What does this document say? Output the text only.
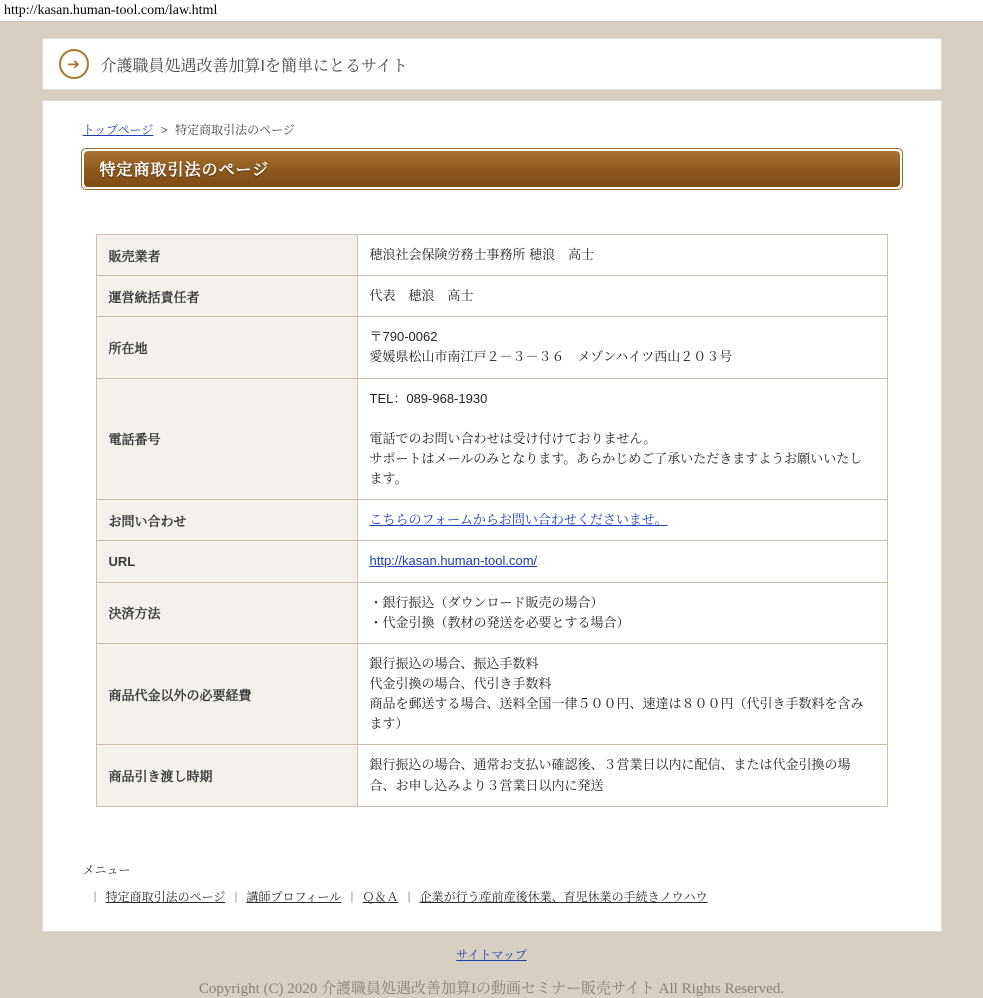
http://kasan.human-tool.com/law.html
➔	介護職員処遇改善加算Iを簡単にとるサイト
トップページ > 特定商取引法のページ
特定商取引法のページ
販売業者	穂浪社会保険労務士事務所 穂浪　高士
運営統括責任者	代表　穂浪　高士
所在地	〒790-0062
愛媛県松山市南江戸２－３－３６　メゾンハイツ西山２０３号
電話番号	TEL：089-968-1930

電話でのお問い合わせは受け付けておりません。
サポートはメールのみとなります。あらかじめご了承いただきますようお願いいたします。
お問い合わせ	こちらのフォームからお問い合わせくださいませ。
URL	http://kasan.human-tool.com/
決済方法	・銀行振込（ダウンロード販売の場合）
・代金引換（教材の発送を必要とする場合）
商品代金以外の必要経費	銀行振込の場合、振込手数料
代金引換の場合、代引き手数料
商品を郵送する場合、送料全国一律５００円、速達は８００円（代引き手数料を含みます）
商品引き渡し時期	銀行振込の場合、通常お支払い確認後、３営業日以内に配信、または代金引換の場合、お申し込みより３営業日以内に発送
メニュー
| 特定商取引法のページ | 講師プロフィール | Ｑ＆Ａ | 企業が行う産前産後休業、育児休業の手続きノウハウ
サイトマップ
Copyright (C) 2020 介護職員処遇改善加算Iの動画セミナー販売サイト All Rights Reserved.
